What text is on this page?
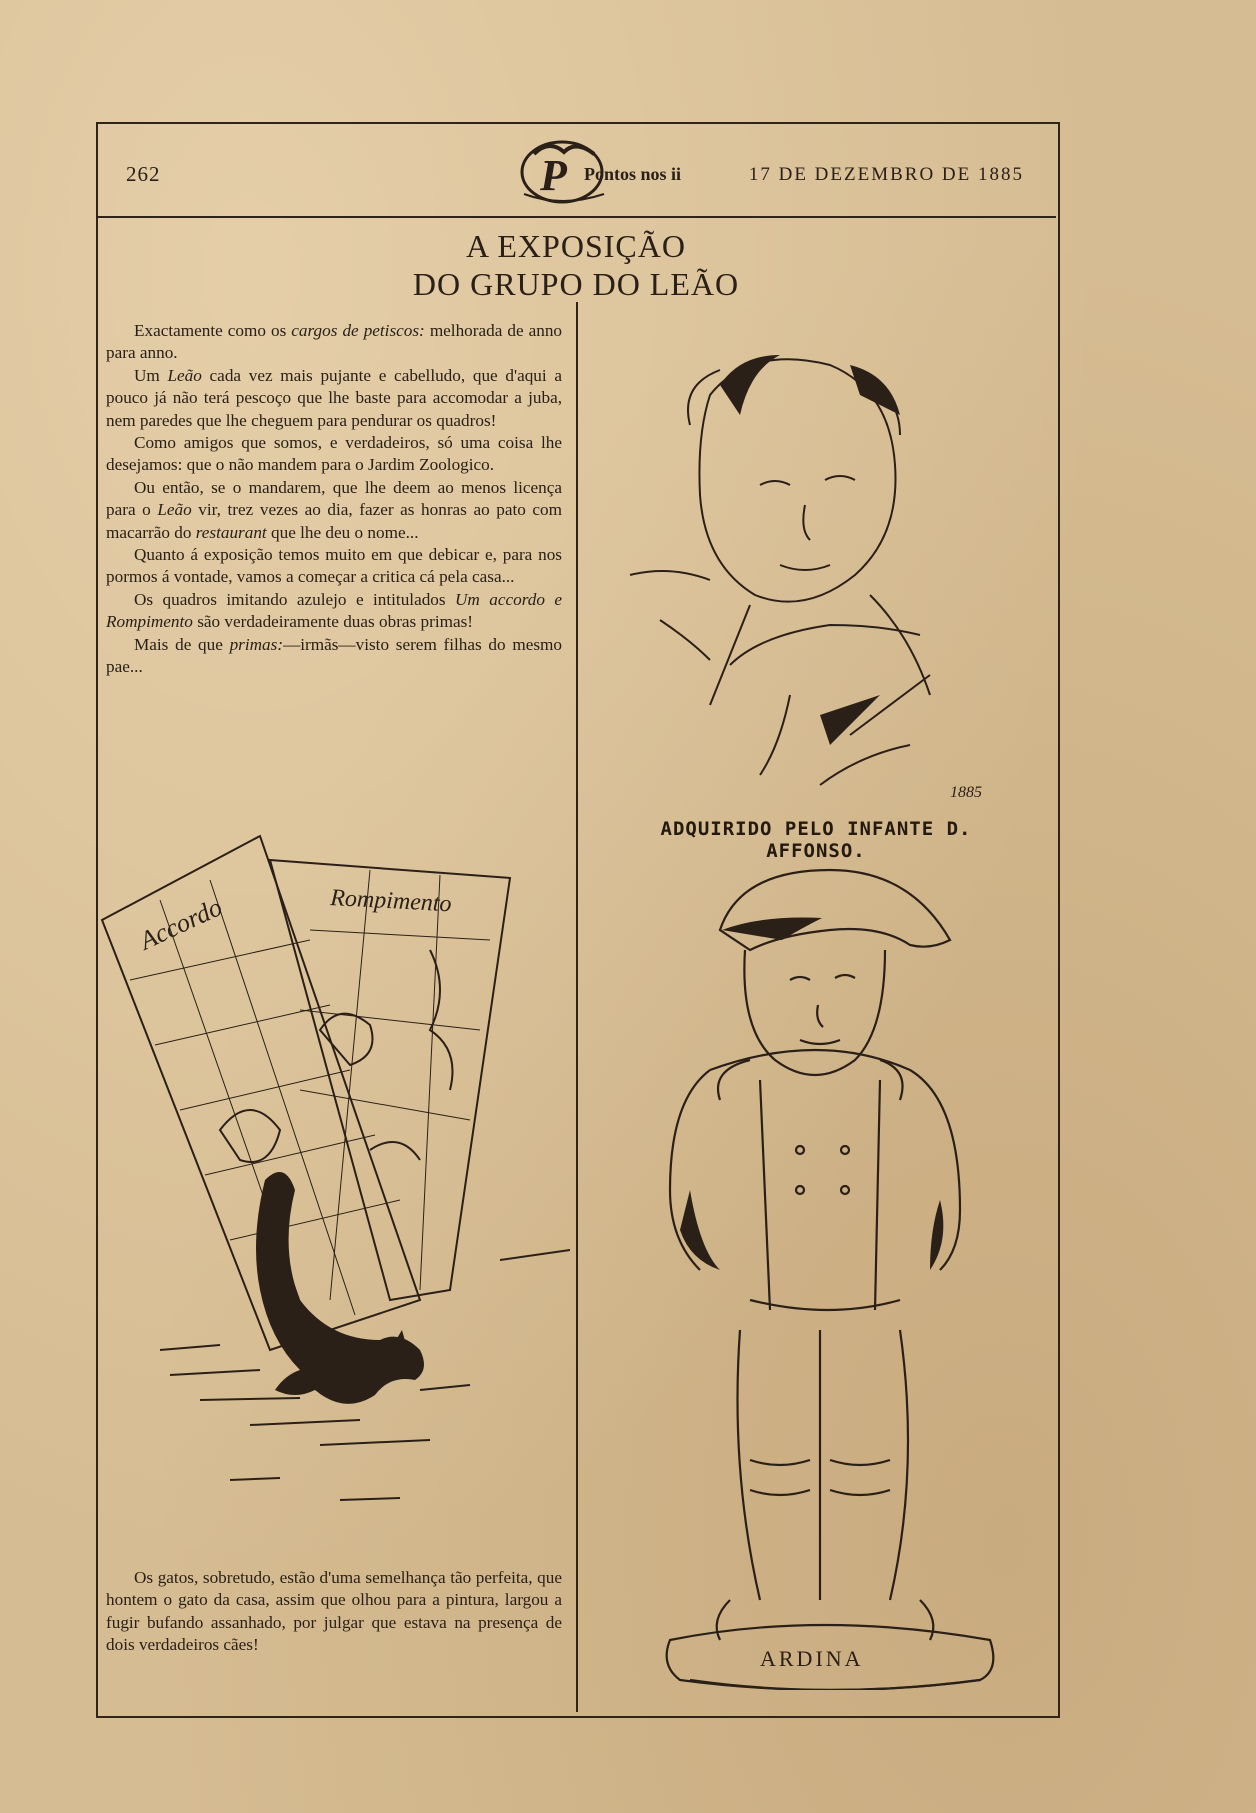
262	P Pontos nos ii	17 DE DEZEMBRO DE 1885
A EXPOSIÇÃO
DO GRUPO DO LEÃO

Exactamente como os cargos de petiscos: melhorada de anno para anno.

Um Leão cada vez mais pujante e cabelludo, que d'aqui a pouco já não terá pescoço que lhe baste para accomodar a juba, nem paredes que lhe cheguem para pendurar os quadros!

Como amigos que somos, e verdadeiros, só uma coisa lhe desejamos: que o não mandem para o Jardim Zoologico.

Ou então, se o mandarem, que lhe deem ao menos licença para o Leão vir, trez vezes ao dia, fazer as honras ao pato com macarrão do restaurant que lhe deu o nome...

Quanto á exposição temos muito em que debicar e, para nos pormos á vontade, vamos a começar a critica cá pela casa...

Os quadros imitando azulejo e intitulados Um accordo e Rompimento são verdadeiramente duas obras primas!

Mais de que primas:—irmãs—visto serem filhas do mesmo pae...

Accordo	Rompimento
1885
ADQUIRIDO PELO INFANTE D. AFFONSO.
ARDINA

Os gatos, sobretudo, estão d'uma semelhança tão perfeita, que hontem o gato da casa, assim que olhou para a pintura, largou a fugir bufando assanhado, por julgar que estava na presença de dois verdadeiros cães!
